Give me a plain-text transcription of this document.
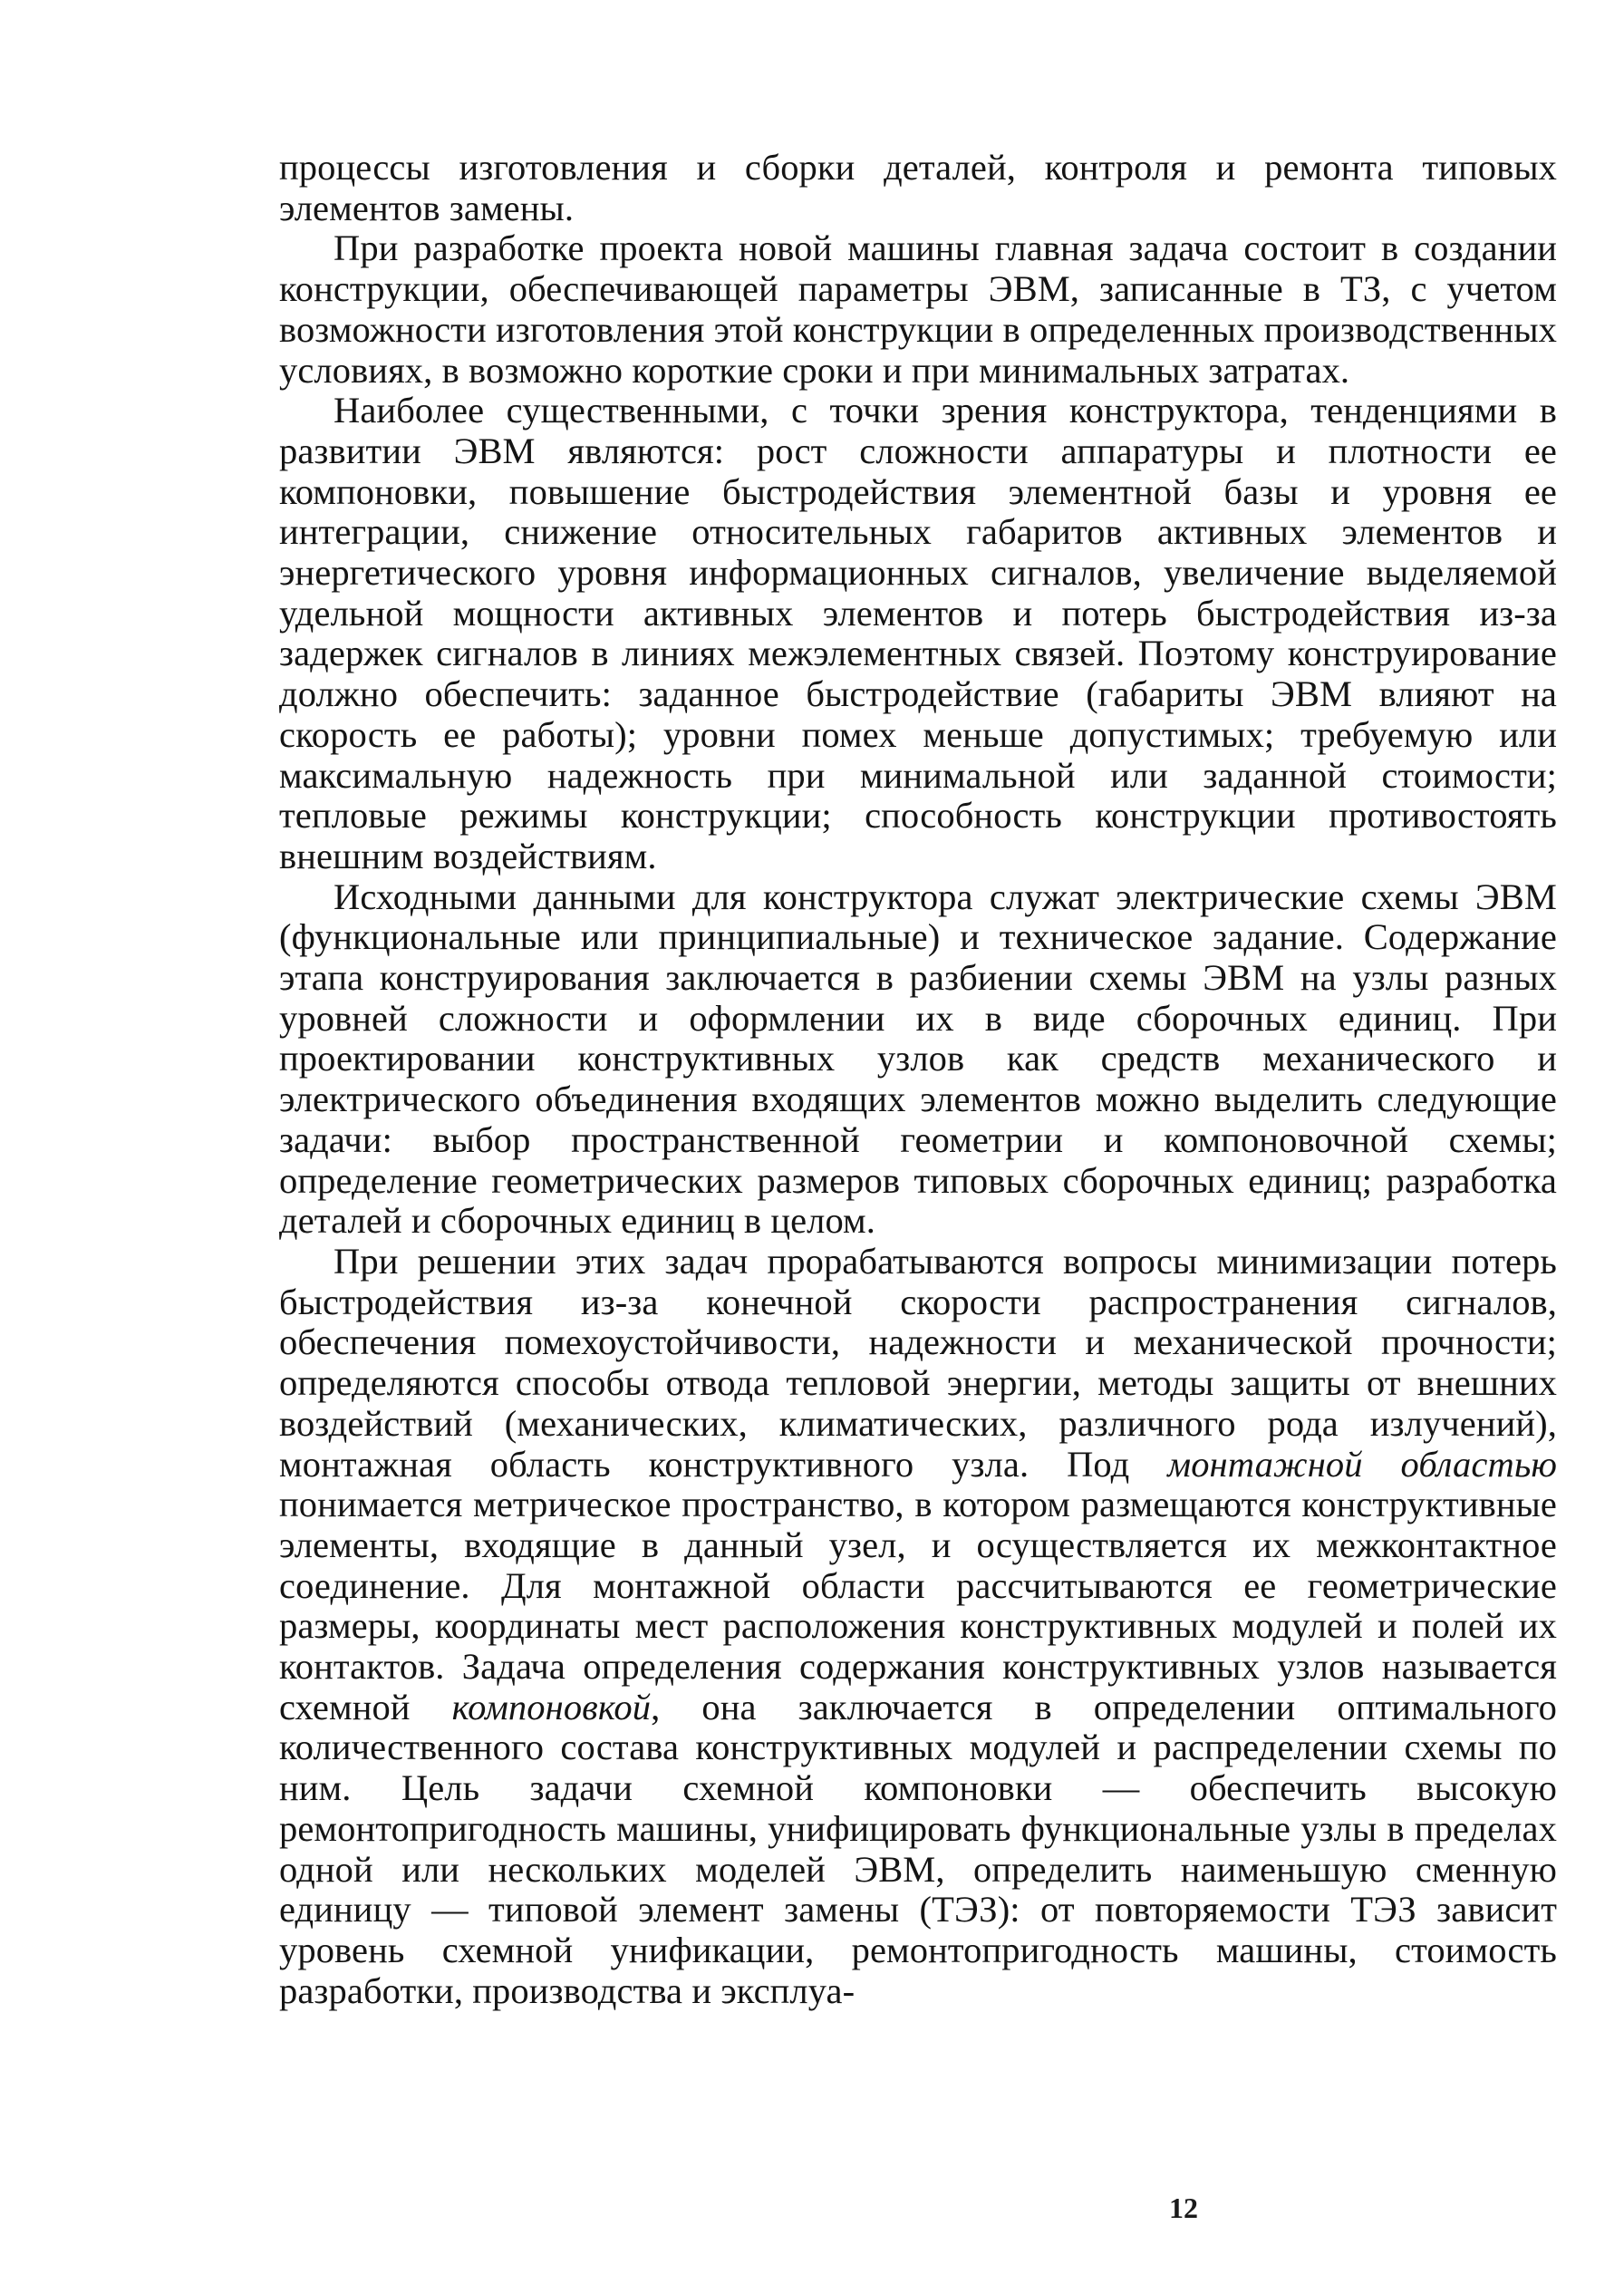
процессы изготовления и сборки деталей, контроля и ремонта типовых элементов замены.

При разработке проекта новой машины главная задача состоит в создании конструкции, обеспечивающей параметры ЭВМ, записанные в ТЗ, с учетом возможности изготовления этой конструкции в определенных производственных условиях, в возможно короткие сроки и при минимальных затратах.

Наиболее существенными, с точки зрения конструктора, тенденциями в развитии ЭВМ являются: рост сложности аппаратуры и плотности ее компоновки, повышение быстродействия элементной базы и уровня ее интеграции, снижение относительных габаритов активных элементов и энергетического уровня информационных сигналов, увеличение выделяемой удельной мощности активных элементов и потерь быстродействия из-за задержек сигналов в линиях межэлементных связей. Поэтому конструирование должно обеспечить: заданное быстродействие (габариты ЭВМ влияют на скорость ее работы); уровни помех меньше допустимых; требуемую или максимальную надежность при минимальной или заданной стоимости; тепловые режимы конструкции; способность конструкции противостоять внешним воздействиям.

Исходными данными для конструктора служат электрические схемы ЭВМ (функциональные или принципиальные) и техническое задание. Содержание этапа конструирования заключается в разбиении схемы ЭВМ на узлы разных уровней сложности и оформлении их в виде сборочных единиц. При проектировании конструктивных узлов как средств механического и электрического объединения входящих элементов можно выделить следующие задачи: выбор пространственной геометрии и компоновочной схемы; определение геометрических размеров типовых сборочных единиц; разработка деталей и сборочных единиц в целом.

При решении этих задач прорабатываются вопросы минимизации потерь быстродействия из-за конечной скорости распространения сигналов, обеспечения помехоустойчивости, надежности и механической прочности; определяются способы отвода тепловой энергии, методы защиты от внешних воздействий (механических, климатических, различного рода излучений), монтажная область конструктивного узла. Под монтажной областью понимается метрическое пространство, в котором размещаются конструктивные элементы, входящие в данный узел, и осуществляется их межконтактное соединение. Для монтажной области рассчитываются ее геометрические размеры, координаты мест расположения конструктивных модулей и полей их контактов. Задача определения содержания конструктивных узлов называется схемной компоновкой, она заключается в определении оптимального количественного состава конструктивных модулей и распределении схемы по ним. Цель задачи схемной компоновки — обеспечить высокую ремонтопригодность машины, унифицировать функциональные узлы в пределах одной или нескольких моделей ЭВМ, определить наименьшую сменную единицу — типовой элемент замены (ТЭЗ): от повторяемости ТЭЗ зависит уровень схемной унификации, ремонтопригодность машины, стоимость разработки, производства и эксплуа-

12
